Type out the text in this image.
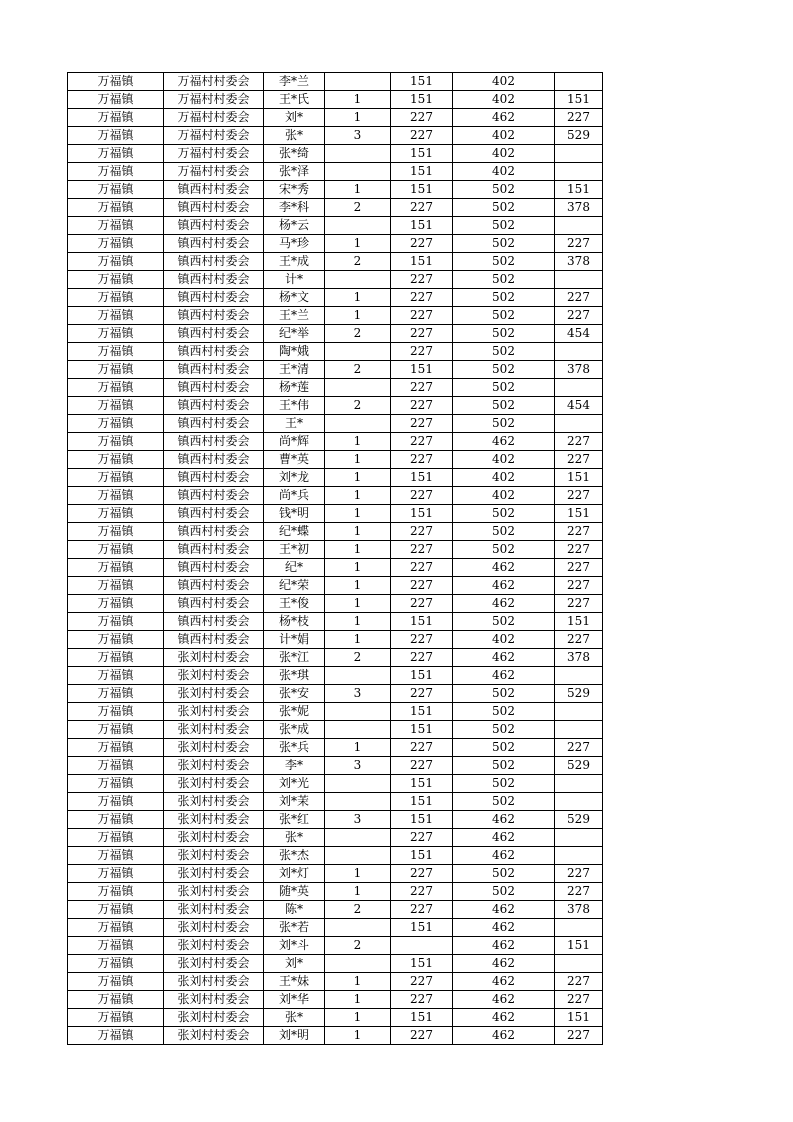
万福镇	万福村村委会	李*兰		151	402	
万福镇	万福村村委会	王*氏	1	151	402	151
万福镇	万福村村委会	刘*	1	227	462	227
万福镇	万福村村委会	张*	3	227	402	529
万福镇	万福村村委会	张*绮		151	402	
万福镇	万福村村委会	张*泽		151	402	
万福镇	镇西村村委会	宋*秀	1	151	502	151
万福镇	镇西村村委会	李*科	2	227	502	378
万福镇	镇西村村委会	杨*云		151	502	
万福镇	镇西村村委会	马*珍	1	227	502	227
万福镇	镇西村村委会	王*成	2	151	502	378
万福镇	镇西村村委会	计*		227	502	
万福镇	镇西村村委会	杨*文	1	227	502	227
万福镇	镇西村村委会	王*兰	1	227	502	227
万福镇	镇西村村委会	纪*举	2	227	502	454
万福镇	镇西村村委会	陶*娥		227	502	
万福镇	镇西村村委会	王*清	2	151	502	378
万福镇	镇西村村委会	杨*莲		227	502	
万福镇	镇西村村委会	王*伟	2	227	502	454
万福镇	镇西村村委会	王*		227	502	
万福镇	镇西村村委会	尚*辉	1	227	462	227
万福镇	镇西村村委会	曹*英	1	227	402	227
万福镇	镇西村村委会	刘*龙	1	151	402	151
万福镇	镇西村村委会	尚*兵	1	227	402	227
万福镇	镇西村村委会	钱*明	1	151	502	151
万福镇	镇西村村委会	纪*蝶	1	227	502	227
万福镇	镇西村村委会	王*初	1	227	502	227
万福镇	镇西村村委会	纪*	1	227	462	227
万福镇	镇西村村委会	纪*荣	1	227	462	227
万福镇	镇西村村委会	王*俊	1	227	462	227
万福镇	镇西村村委会	杨*枝	1	151	502	151
万福镇	镇西村村委会	计*娟	1	227	402	227
万福镇	张刘村村委会	张*江	2	227	462	378
万福镇	张刘村村委会	张*琪		151	462	
万福镇	张刘村村委会	张*安	3	227	502	529
万福镇	张刘村村委会	张*妮		151	502	
万福镇	张刘村村委会	张*成		151	502	
万福镇	张刘村村委会	张*兵	1	227	502	227
万福镇	张刘村村委会	李*	3	227	502	529
万福镇	张刘村村委会	刘*光		151	502	
万福镇	张刘村村委会	刘*茉		151	502	
万福镇	张刘村村委会	张*红	3	151	462	529
万福镇	张刘村村委会	张*		227	462	
万福镇	张刘村村委会	张*杰		151	462	
万福镇	张刘村村委会	刘*灯	1	227	502	227
万福镇	张刘村村委会	随*英	1	227	502	227
万福镇	张刘村村委会	陈*	2	227	462	378
万福镇	张刘村村委会	张*若		151	462	
万福镇	张刘村村委会	刘*斗	2		462	151
万福镇	张刘村村委会	刘*		151	462	
万福镇	张刘村村委会	王*妹	1	227	462	227
万福镇	张刘村村委会	刘*华	1	227	462	227
万福镇	张刘村村委会	张*	1	151	462	151
万福镇	张刘村村委会	刘*明	1	227	462	227
